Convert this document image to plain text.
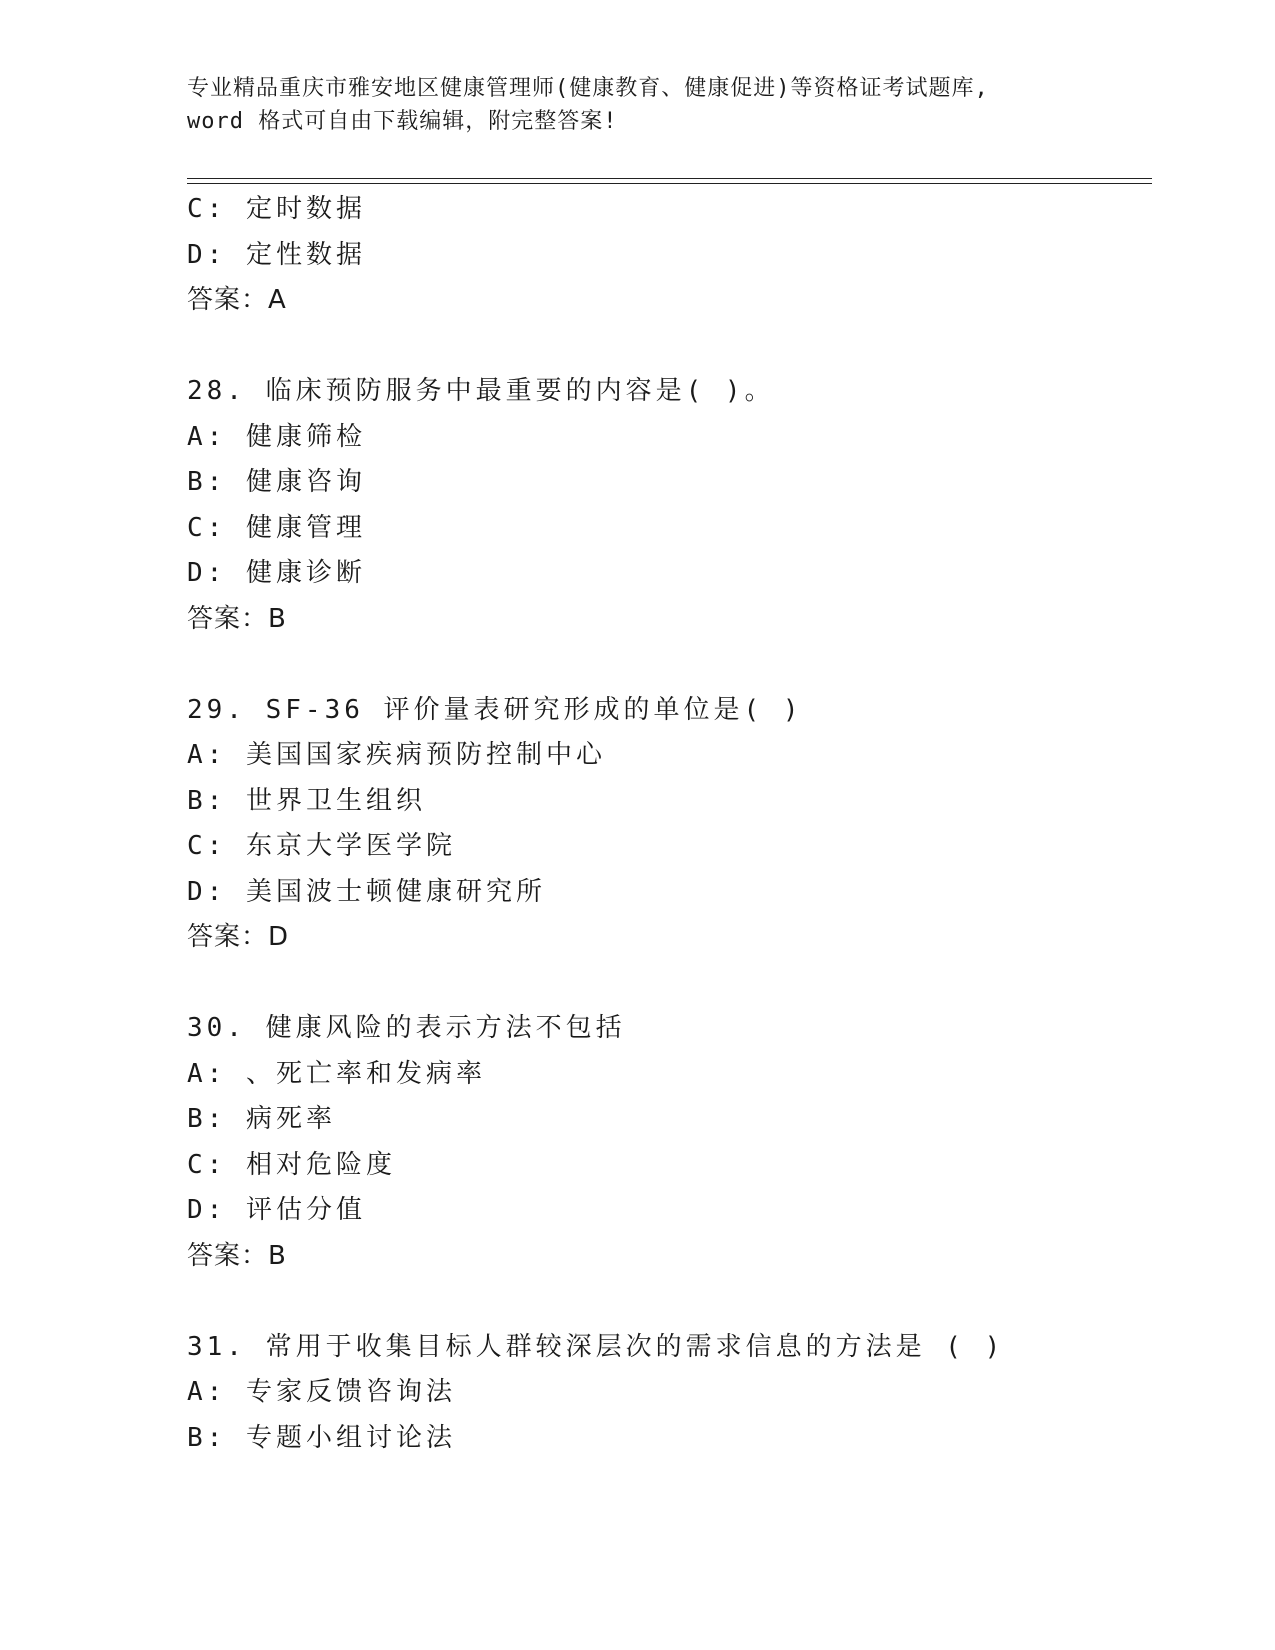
专业精品重庆市雅安地区健康管理师(健康教育、健康促进)等资格证考试题库,
word 格式可自由下载编辑，附完整答案!
C: 定时数据
D: 定性数据
答案：A
28. 临床预防服务中最重要的内容是( )。
A: 健康筛检
B: 健康咨询
C: 健康管理
D: 健康诊断
答案：B
29. SF-36 评价量表研究形成的单位是( )
A: 美国国家疾病预防控制中心
B: 世界卫生组织
C: 东京大学医学院
D: 美国波士顿健康研究所
答案：D
30. 健康风险的表示方法不包括
A: 、死亡率和发病率
B: 病死率
C: 相对危险度
D: 评估分值
答案：B
31. 常用于收集目标人群较深层次的需求信息的方法是 ( )
A: 专家反馈咨询法
B: 专题小组讨论法
